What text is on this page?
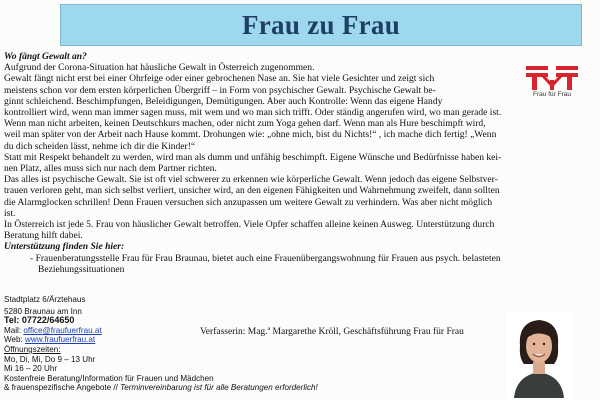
Frau zu Frau
Frau für Frau

Wo fängt Gewalt an?

Aufgrund der Corona-Situation hat häusliche Gewalt in Österreich zugenommen.

Gewalt fängt nicht erst bei einer Ohrfeige oder einer gebrochenen Nase an. Sie hat viele Gesichter und zeigt sich

meistens schon vor dem ersten körperlichen Übergriff – in Form von psychischer Gewalt. Psychische Gewalt be-

ginnt schleichend. Beschimpfungen, Beleidigungen, Demütigungen. Aber auch Kontrolle: Wenn das eigene Handy

kontrolliert wird, wenn man immer sagen muss, mit wem und wo man sich trifft. Oder ständig angerufen wird, wo man gerade ist.

Wenn man nicht arbeiten, keinen Deutschkurs machen, oder nicht zum Yoga gehen darf. Wenn man als Hure beschimpft wird,

weil man später von der Arbeit nach Hause kommt. Drohungen wie: „ohne mich, bist du Nichts!“ , ich mache dich fertig! „Wenn

du dich scheiden lässt, nehme ich dir die Kinder!“

Statt mit Respekt behandelt zu werden, wird man als dumm und unfähig beschimpft. Eigene Wünsche und Bedürfnisse haben kei-

nen Platz, alles muss sich nur nach dem Partner richten.

Das alles ist psychische Gewalt. Sie ist oft viel schwerer zu erkennen wie körperliche Gewalt. Wenn jedoch das eigene Selbstver-

trauen verloren geht, man sich selbst verliert, unsicher wird, an den eigenen Fähigkeiten und Wahrnehmung zweifelt, dann sollten

die Alarmglocken schrillen! Denn Frauen versuchen sich anzupassen um weitere Gewalt zu verhindern. Was aber nicht möglich

ist.

In Österreich ist jede 5. Frau von häuslicher Gewalt betroffen. Viele Opfer schaffen alleine keinen Ausweg. Unterstützung durch

Beratung hilft dabei.

Unterstützung finden Sie hier:

- Frauenberatungsstelle Frau für Frau Braunau, bietet auch eine Frauenübergangswohnung für Frauen aus psych. belasteten

Beziehungssituationen

Stadtplatz 6/Ärztehaus
5280 Braunau am Inn
Tel: 07722/64650
Mail: office@fraufuerfrau.at
Web: www.fraufuerfrau.at
Öffnungszeiten:
Mo, Di, Mi, Do 9 – 13 Uhr
Mi 16 – 20 Uhr
Kostenfreie Beratung/Information für Frauen und Mädchen
& frauenspezifische Angebote // Terminvereinbarung ist für alle Beratungen erforderlich!
Verfasserin: Mag.ª Margarethe Kröll, Geschäftsführung Frau für Frau
